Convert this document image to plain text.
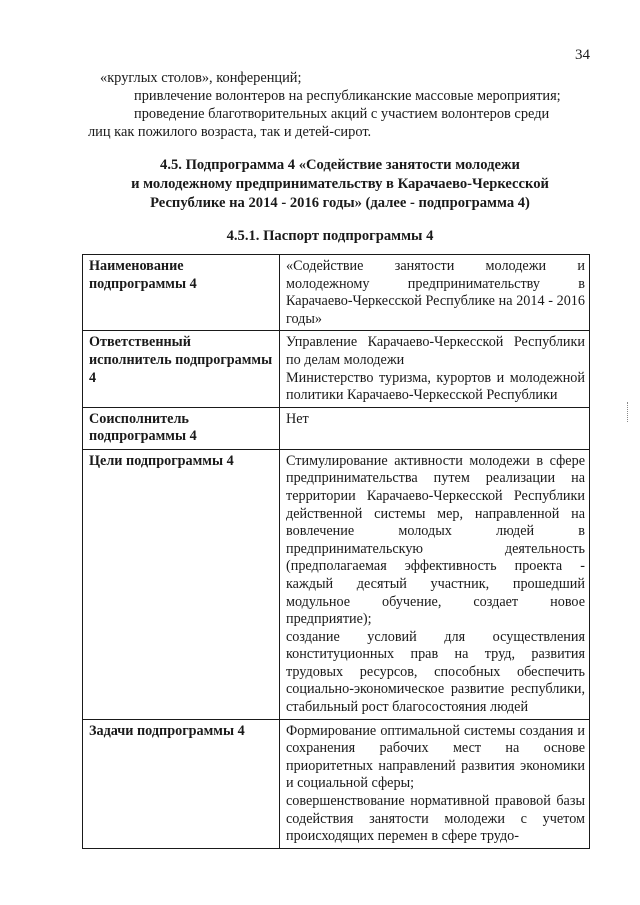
34

«круглых столов», конференций;

привлечение волонтеров на республиканские массовые мероприятия;

проведение благотворительных акций с участием волонтеров среди

лиц как пожилого возраста, так и детей-сирот.

4.5. Подпрограмма 4 «Содействие занятости молодежи

и молодежному предпринимательству в Карачаево-Черкесской

Республике на 2014 - 2016 годы» (далее - подпрограмма 4)

4.5.1. Паспорт подпрограммы 4
Наименование подпрограммы 4	«Содействие занятости молодежи и молодежному предпринимательству в Карачаево-Черкесской Республике на 2014 - 2016 годы»

Ответственный исполнитель подпрограммы 4	Управление Карачаево-Черкесской Республики по делам молодежи

Министерство туризма, курортов и молодежной политики Карачаево-Черкесской Республики

Соисполнитель подпрограммы 4	Нет

Цели подпрограммы 4	Стимулирование активности молодежи в сфере предпринимательства путем реализации на территории Карачаево-Черкесской Республики действенной системы мер, направленной на вовлечение молодых людей в предпринимательскую деятельность (предполагаемая эффективность проекта - каждый десятый участник, прошедший модульное обучение, создает новое предприятие);

создание условий для осуществления конституционных прав на труд, развития трудовых ресурсов, способных обеспечить социально-экономическое развитие республики, стабильный рост благосостояния людей

Задачи подпрограммы 4	Формирование оптимальной системы создания и сохранения рабочих мест на основе приоритетных направлений развития экономики и социальной сферы;

совершенствование нормативной правовой базы содействия занятости молодежи с учетом происходящих перемен в сфере трудо-
